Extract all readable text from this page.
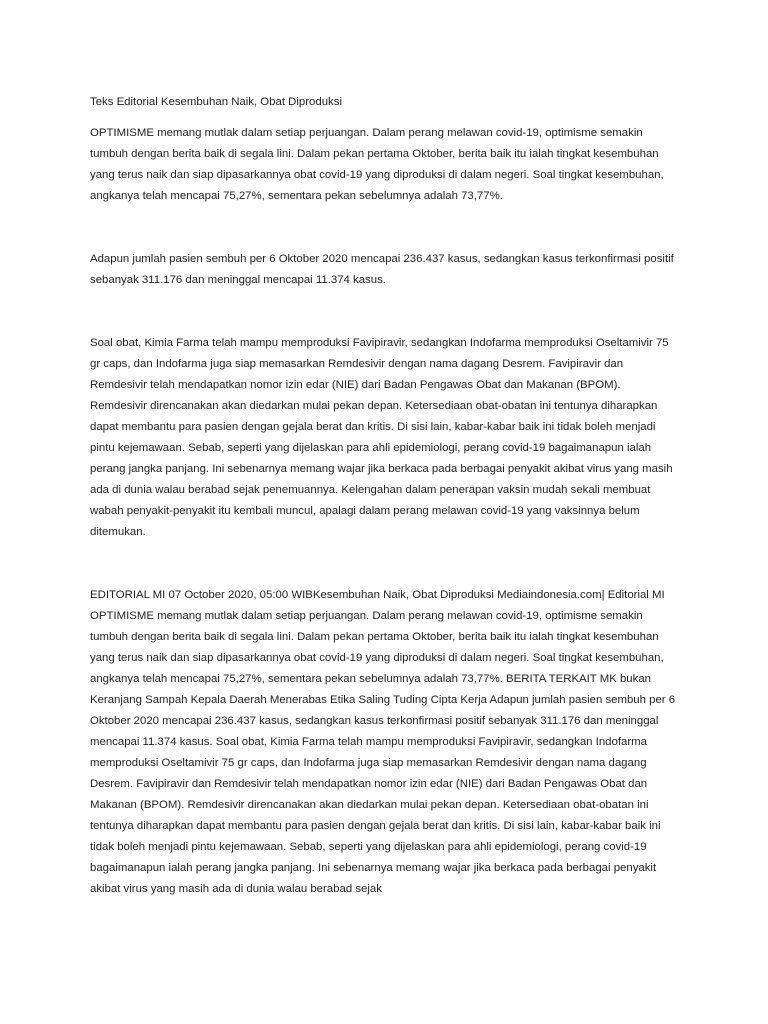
Teks Editorial Kesembuhan Naik, Obat Diproduksi

OPTIMISME memang mutlak dalam setiap perjuangan. Dalam perang melawan covid-19, optimisme semakin tumbuh dengan berita baik di segala lini. Dalam pekan pertama Oktober, berita baik itu ialah tingkat kesembuhan yang terus naik dan siap dipasarkannya obat covid-19 yang diproduksi di dalam negeri. Soal tingkat kesembuhan, angkanya telah mencapai 75,27%, sementara pekan sebelumnya adalah 73,77%.

Adapun jumlah pasien sembuh per 6 Oktober 2020 mencapai 236.437 kasus, sedangkan kasus terkonfirmasi positif sebanyak 311.176 dan meninggal mencapai 11.374 kasus.

Soal obat, Kimia Farma telah mampu memproduksi Favipiravir, sedangkan Indofarma memproduksi Oseltamivir 75 gr caps, dan Indofarma juga siap memasarkan Remdesivir dengan nama dagang Desrem. Favipiravir dan Remdesivir telah mendapatkan nomor izin edar (NIE) dari Badan Pengawas Obat dan Makanan (BPOM). Remdesivir direncanakan akan diedarkan mulai pekan depan. Ketersediaan obat-obatan ini tentunya diharapkan dapat membantu para pasien dengan gejala berat dan kritis. Di sisi lain, kabar-kabar baik ini tidak boleh menjadi pintu kejemawaan. Sebab, seperti yang dijelaskan para ahli epidemiologi, perang covid-19 bagaimanapun ialah perang jangka panjang. Ini sebenarnya memang wajar jika berkaca pada berbagai penyakit akibat virus yang masih ada di dunia walau berabad sejak penemuannya. Kelengahan dalam penerapan vaksin mudah sekali membuat wabah penyakit-penyakit itu kembali muncul, apalagi dalam perang melawan covid-19 yang vaksinnya belum ditemukan.

EDITORIAL MI 07 October 2020, 05:00 WIBKesembuhan Naik, Obat Diproduksi Mediaindonesia.com| Editorial MI OPTIMISME memang mutlak dalam setiap perjuangan. Dalam perang melawan covid-19, optimisme semakin tumbuh dengan berita baik di segala lini. Dalam pekan pertama Oktober, berita baik itu ialah tingkat kesembuhan yang terus naik dan siap dipasarkannya obat covid-19 yang diproduksi di dalam negeri. Soal tingkat kesembuhan, angkanya telah mencapai 75,27%, sementara pekan sebelumnya adalah 73,77%. BERITA TERKAIT MK bukan Keranjang Sampah Kepala Daerah Menerabas Etika Saling Tuding Cipta Kerja Adapun jumlah pasien sembuh per 6 Oktober 2020 mencapai 236.437 kasus, sedangkan kasus terkonfirmasi positif sebanyak 311.176 dan meninggal mencapai 11.374 kasus. Soal obat, Kimia Farma telah mampu memproduksi Favipiravir, sedangkan Indofarma memproduksi Oseltamivir 75 gr caps, dan Indofarma juga siap memasarkan Remdesivir dengan nama dagang Desrem. Favipiravir dan Remdesivir telah mendapatkan nomor izin edar (NIE) dari Badan Pengawas Obat dan Makanan (BPOM). Remdesivir direncanakan akan diedarkan mulai pekan depan. Ketersediaan obat-obatan ini tentunya diharapkan dapat membantu para pasien dengan gejala berat dan kritis. Di sisi lain, kabar-kabar baik ini tidak boleh menjadi pintu kejemawaan. Sebab, seperti yang dijelaskan para ahli epidemiologi, perang covid-19 bagaimanapun ialah perang jangka panjang. Ini sebenarnya memang wajar jika berkaca pada berbagai penyakit akibat virus yang masih ada di dunia walau berabad sejak
